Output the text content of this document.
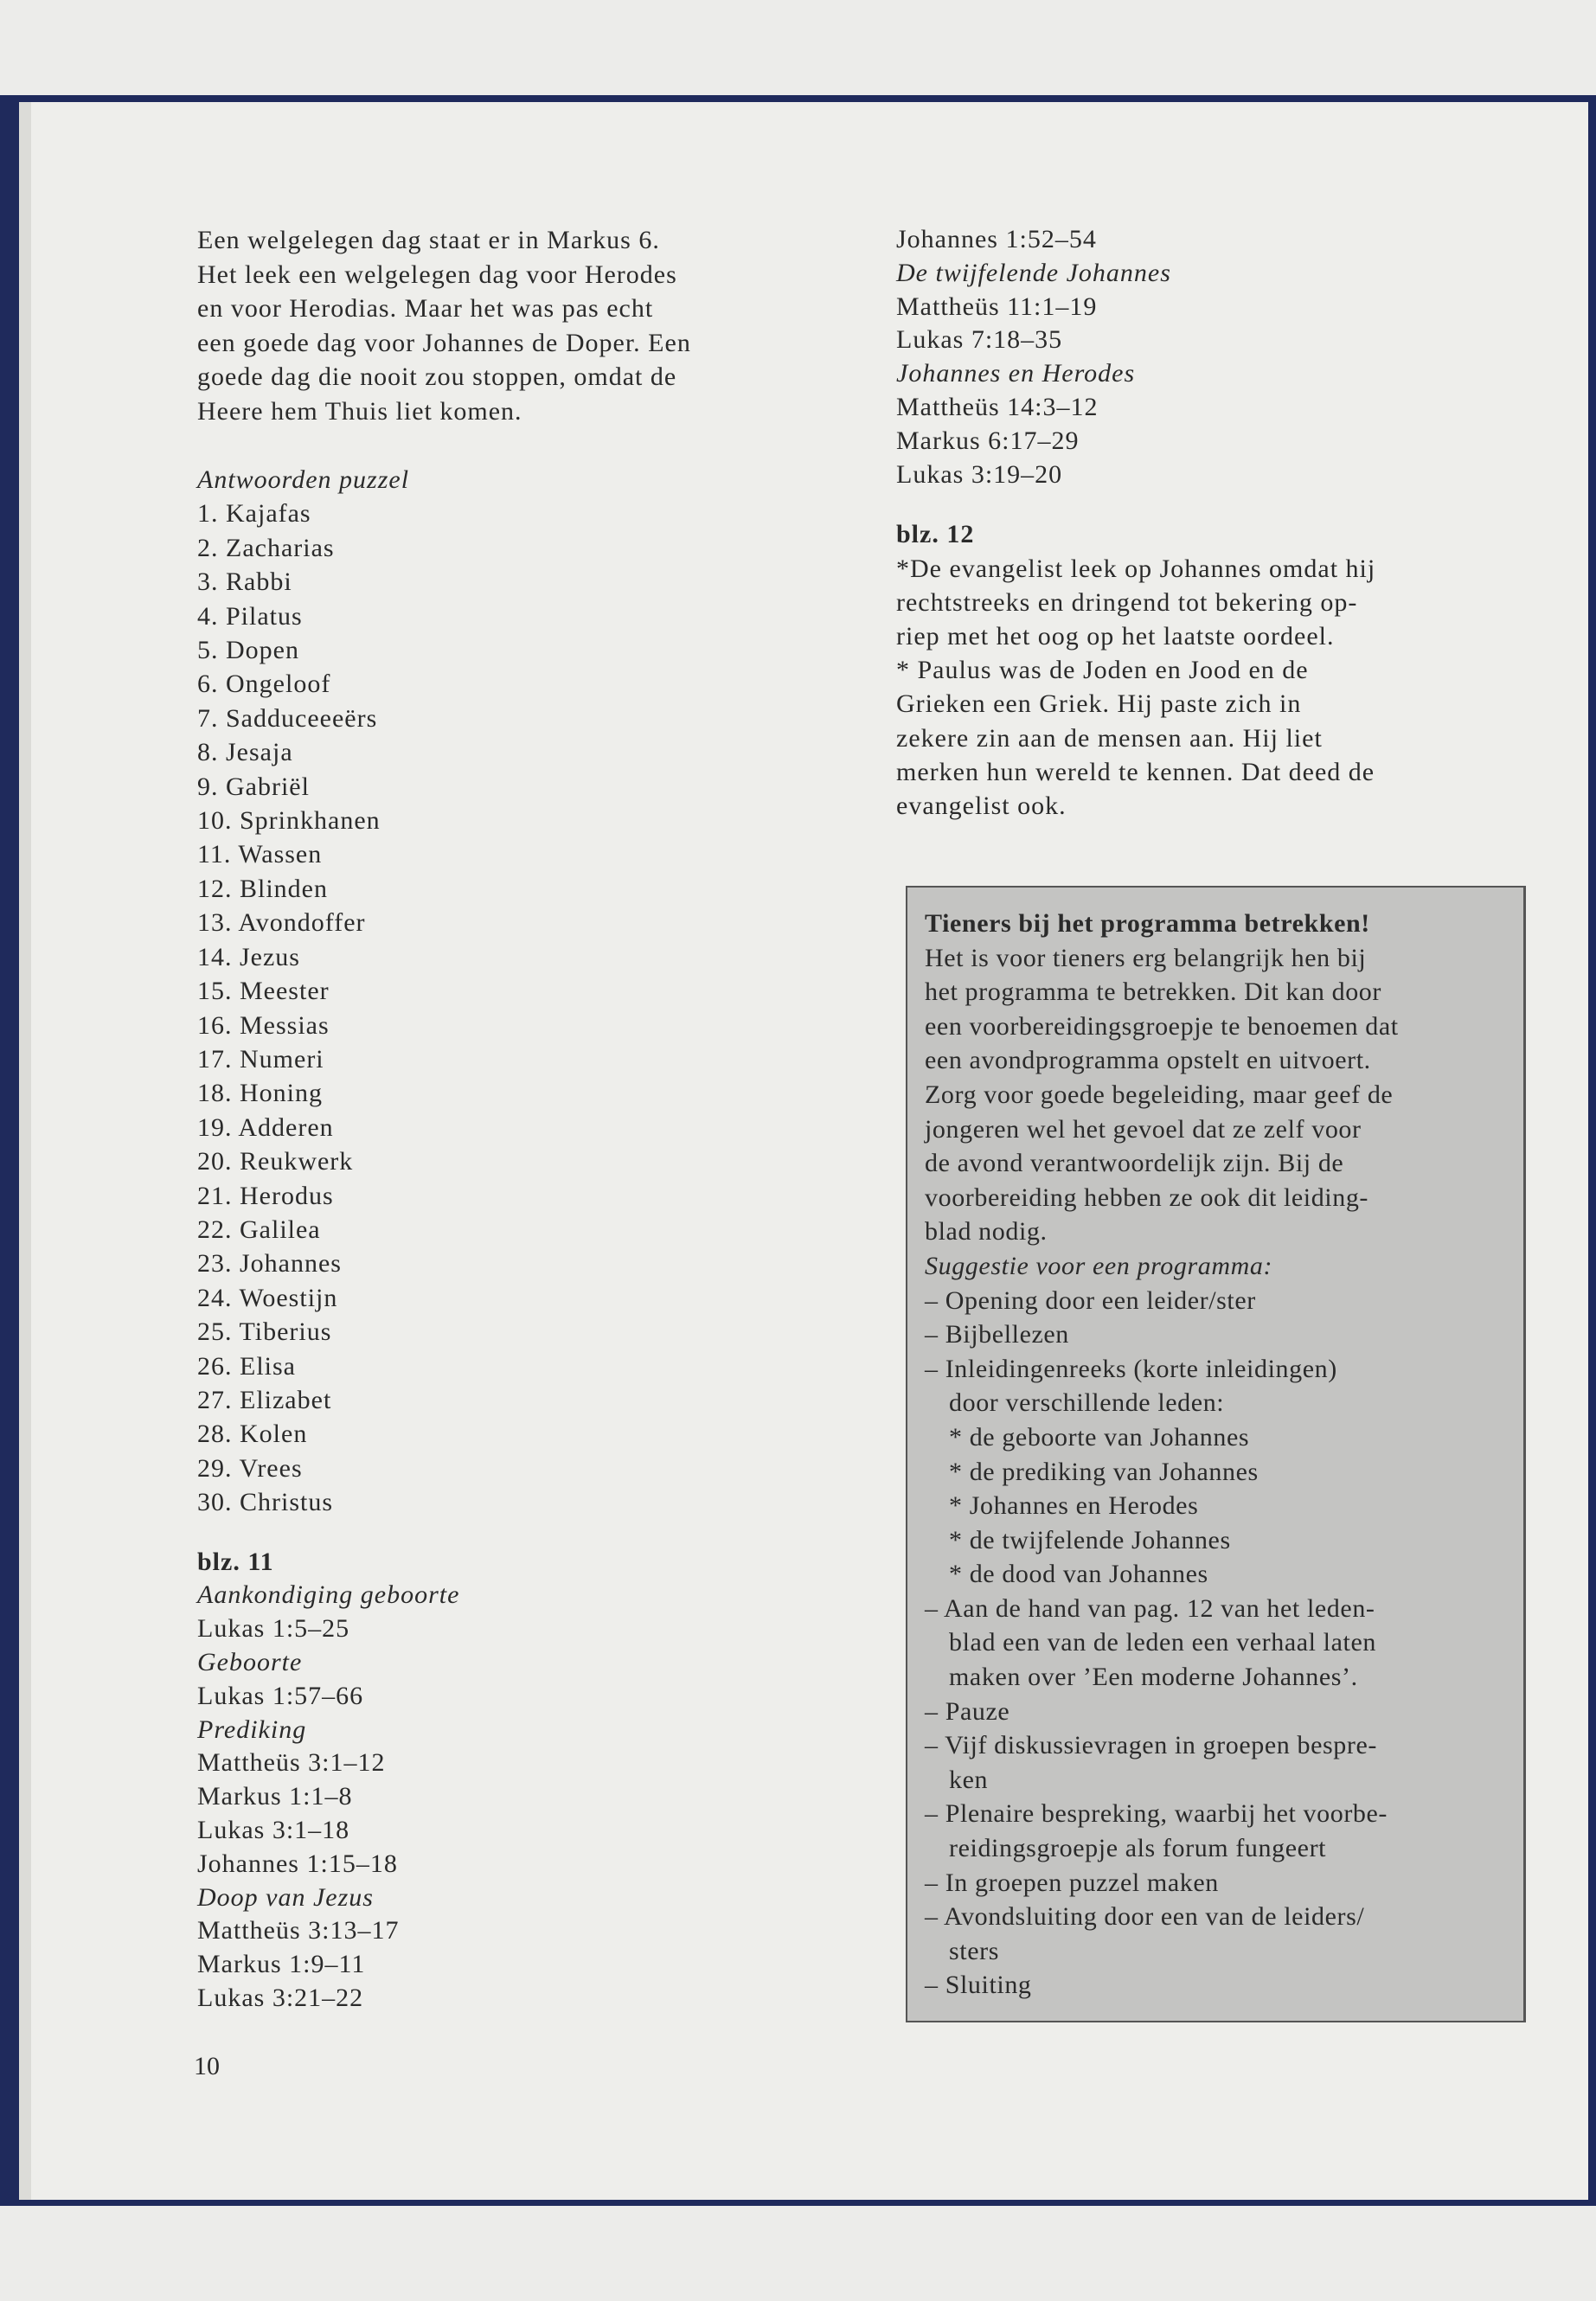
Een welgelegen dag staat er in Markus 6.
Het leek een welgelegen dag voor Herodes
en voor Herodias. Maar het was pas echt
een goede dag voor Johannes de Doper. Een
goede dag die nooit zou stoppen, omdat de
Heere hem Thuis liet komen.
Antwoorden puzzel
1. Kajafas
2. Zacharias
3. Rabbi
4. Pilatus
5. Dopen
6. Ongeloof
7. Sadduceeeërs
8. Jesaja
9. Gabriël
10. Sprinkhanen
11. Wassen
12. Blinden
13. Avondoffer
14. Jezus
15. Meester
16. Messias
17. Numeri
18. Honing
19. Adderen
20. Reukwerk
21. Herodus
22. Galilea
23. Johannes
24. Woestijn
25. Tiberius
26. Elisa
27. Elizabet
28. Kolen
29. Vrees
30. Christus
blz. 11
Aankondiging geboorte
Lukas 1:5–25
Geboorte
Lukas 1:57–66
Prediking
Mattheüs 3:1–12
Markus 1:1–8
Lukas 3:1–18
Johannes 1:15–18
Doop van Jezus
Mattheüs 3:13–17
Markus 1:9–11
Lukas 3:21–22
Johannes 1:52–54
De twijfelende Johannes
Mattheüs 11:1–19
Lukas 7:18–35
Johannes en Herodes
Mattheüs 14:3–12
Markus 6:17–29
Lukas 3:19–20
blz. 12
*De evangelist leek op Johannes omdat hij
rechtstreeks en dringend tot bekering op-
riep met het oog op het laatste oordeel.
* Paulus was de Joden en Jood en de
Grieken een Griek. Hij paste zich in
zekere zin aan de mensen aan. Hij liet
merken hun wereld te kennen. Dat deed de
evangelist ook.
Tieners bij het programma betrekken!
Het is voor tieners erg belangrijk hen bij
het programma te betrekken. Dit kan door
een voorbereidingsgroepje te benoemen dat
een avondprogramma opstelt en uitvoert.
Zorg voor goede begeleiding, maar geef de
jongeren wel het gevoel dat ze zelf voor
de avond verantwoordelijk zijn. Bij de
voorbereiding hebben ze ook dit leiding-
blad nodig.
Suggestie voor een programma:
– Opening door een leider/ster
– Bijbellezen
– Inleidingenreeks (korte inleidingen)
door verschillende leden:
* de geboorte van Johannes
* de prediking van Johannes
* Johannes en Herodes
* de twijfelende Johannes
* de dood van Johannes
– Aan de hand van pag. 12 van het leden-
blad een van de leden een verhaal laten
maken over ’Een moderne Johannes’.
– Pauze
– Vijf diskussievragen in groepen bespre-
ken
– Plenaire bespreking, waarbij het voorbe-
reidingsgroepje als forum fungeert
– In groepen puzzel maken
– Avondsluiting door een van de leiders/
sters
– Sluiting
10
